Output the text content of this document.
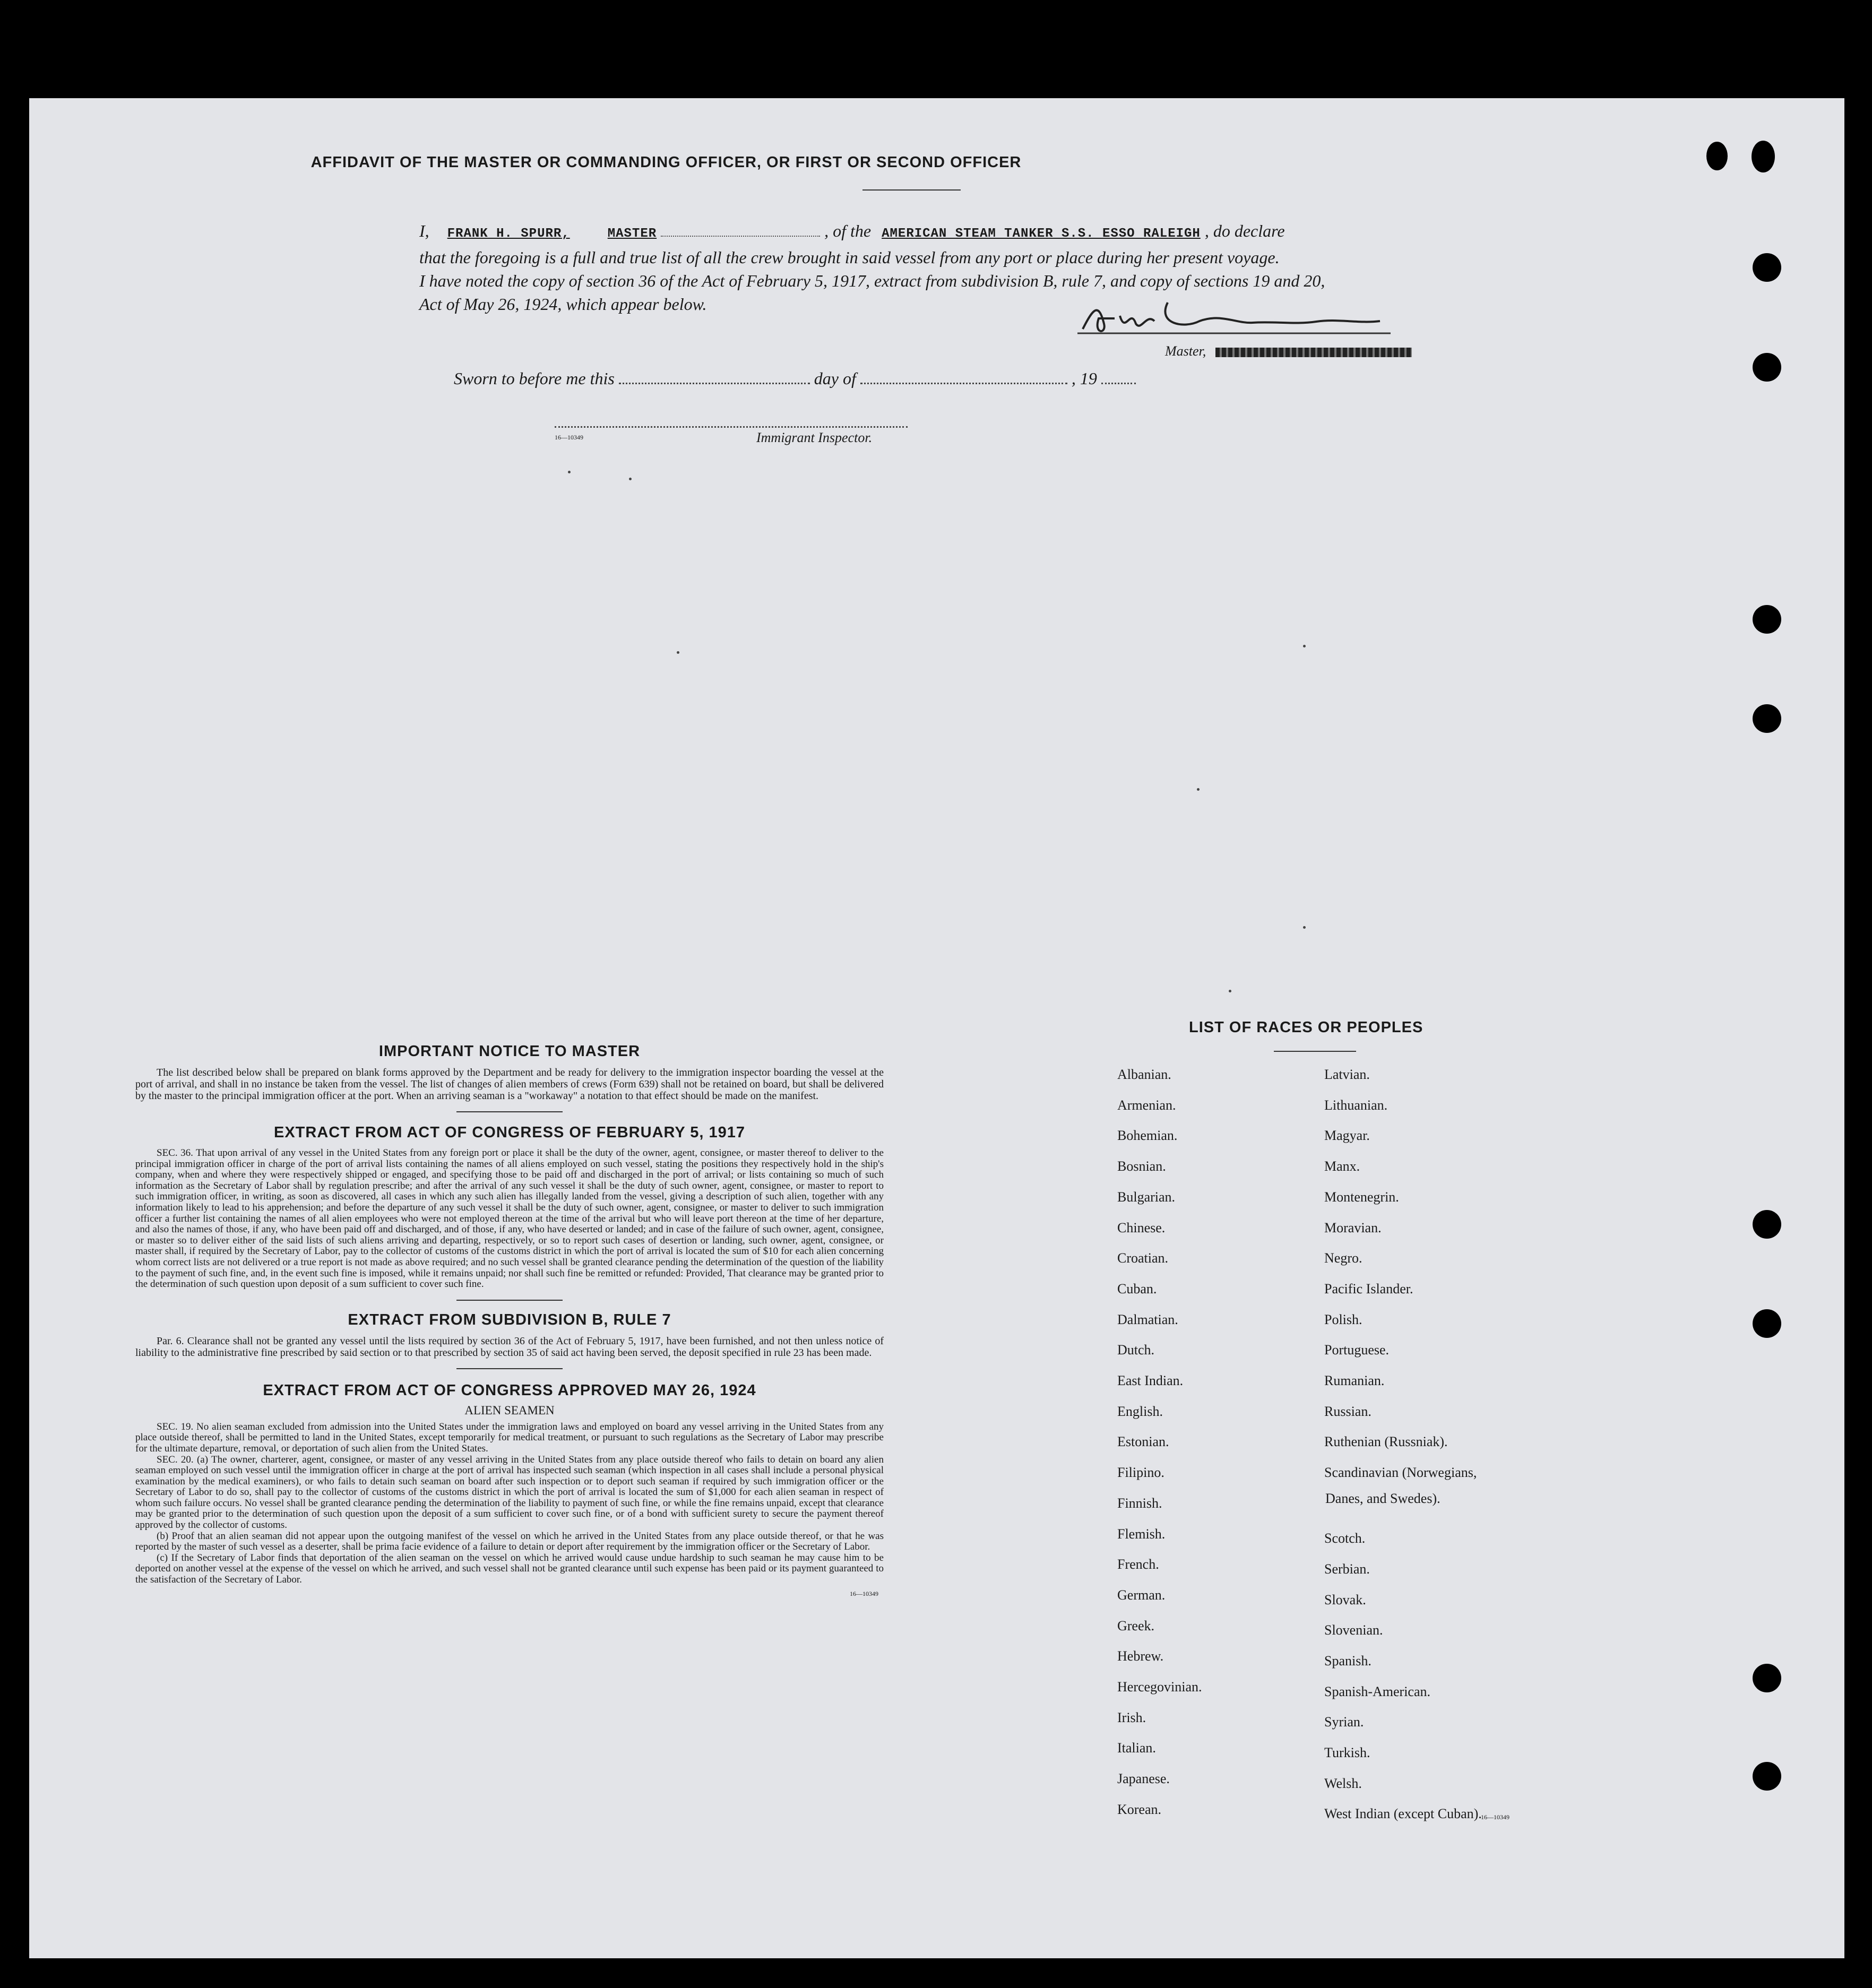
AFFIDAVIT OF THE MASTER OR COMMANDING OFFICER, OR FIRST OR SECOND OFFICER
I, FRANK H. SPURR,	MASTER	, of the AMERICAN STEAM TANKER S.S. ESSO RALEIGH , do declare
that the foregoing is a full and true list of all the crew brought in said vessel from any port or place during her present voyage.
I have noted the copy of section 36 of the Act of February 5, 1917, extract from subdivision B, rule 7, and copy of sections 19 and 20,
Act of May 26, 1924, which appear below.
Master,
Sworn to before me this	day of	, 19
16—10349	Immigrant Inspector.
IMPORTANT NOTICE TO MASTER
The list described below shall be prepared on blank forms approved by the Department and be ready for delivery to the immigration inspector boarding the vessel at the port of arrival, and shall in no instance be taken from the vessel. The list of changes of alien members of crews (Form 639) shall not be retained on board, but shall be delivered by the master to the principal immigration officer at the port. When an arriving seaman is a "workaway" a notation to that effect should be made on the manifest.
EXTRACT FROM ACT OF CONGRESS OF FEBRUARY 5, 1917
SEC. 36. That upon arrival of any vessel in the United States from any foreign port or place it shall be the duty of the owner, agent, consignee, or master thereof to deliver to the principal immigration officer in charge of the port of arrival lists containing the names of all aliens employed on such vessel, stating the positions they respectively hold in the ship's company, when and where they were respectively shipped or engaged, and specifying those to be paid off and discharged in the port of arrival; or lists containing so much of such information as the Secretary of Labor shall by regulation prescribe; and after the arrival of any such vessel it shall be the duty of such owner, agent, consignee, or master to report to such immigration officer, in writing, as soon as discovered, all cases in which any such alien has illegally landed from the vessel, giving a description of such alien, together with any information likely to lead to his apprehension; and before the departure of any such vessel it shall be the duty of such owner, agent, consignee, or master to deliver to such immigration officer a further list containing the names of all alien employees who were not employed thereon at the time of the arrival but who will leave port thereon at the time of her departure, and also the names of those, if any, who have been paid off and discharged, and of those, if any, who have deserted or landed; and in case of the failure of such owner, agent, consignee, or master so to deliver either of the said lists of such aliens arriving and departing, respectively, or so to report such cases of desertion or landing, such owner, agent, consignee, or master shall, if required by the Secretary of Labor, pay to the collector of customs of the customs district in which the port of arrival is located the sum of $10 for each alien concerning whom correct lists are not delivered or a true report is not made as above required; and no such vessel shall be granted clearance pending the determination of the question of the liability to the payment of such fine, and, in the event such fine is imposed, while it remains unpaid; nor shall such fine be remitted or refunded: Provided, That clearance may be granted prior to the determination of such question upon deposit of a sum sufficient to cover such fine.
EXTRACT FROM SUBDIVISION B, RULE 7
Par. 6. Clearance shall not be granted any vessel until the lists required by section 36 of the Act of February 5, 1917, have been furnished, and not then unless notice of liability to the administrative fine prescribed by said section or to that prescribed by section 35 of said act having been served, the deposit specified in rule 23 has been made.
EXTRACT FROM ACT OF CONGRESS APPROVED MAY 26, 1924
ALIEN SEAMEN
SEC. 19. No alien seaman excluded from admission into the United States under the immigration laws and employed on board any vessel arriving in the United States from any place outside thereof, shall be permitted to land in the United States, except temporarily for medical treatment, or pursuant to such regulations as the Secretary of Labor may prescribe for the ultimate departure, removal, or deportation of such alien from the United States.
SEC. 20. (a) The owner, charterer, agent, consignee, or master of any vessel arriving in the United States from any place outside thereof who fails to detain on board any alien seaman employed on such vessel until the immigration officer in charge at the port of arrival has inspected such seaman (which inspection in all cases shall include a personal physical examination by the medical examiners), or who fails to detain such seaman on board after such inspection or to deport such seaman if required by such immigration officer or the Secretary of Labor to do so, shall pay to the collector of customs of the customs district in which the port of arrival is located the sum of $1,000 for each alien seaman in respect of whom such failure occurs. No vessel shall be granted clearance pending the determination of the liability to payment of such fine, or while the fine remains unpaid, except that clearance may be granted prior to the determination of such question upon the deposit of a sum sufficient to cover such fine, or of a bond with sufficient surety to secure the payment thereof approved by the collector of customs.
(b) Proof that an alien seaman did not appear upon the outgoing manifest of the vessel on which he arrived in the United States from any place outside thereof, or that he was reported by the master of such vessel as a deserter, shall be prima facie evidence of a failure to detain or deport after requirement by the immigration officer or the Secretary of Labor.
(c) If the Secretary of Labor finds that deportation of the alien seaman on the vessel on which he arrived would cause undue hardship to such seaman he may cause him to be deported on another vessel at the expense of the vessel on which he arrived, and such vessel shall not be granted clearance until such expense has been paid or its payment guaranteed to the satisfaction of the Secretary of Labor.
16—10349
LIST OF RACES OR PEOPLES
Danes, and Swedes).
16—10349
Albanian.
Armenian.
Bohemian.
Bosnian.
Bulgarian.
Chinese.
Croatian.
Cuban.
Dalmatian.
Dutch.
East Indian.
English.
Estonian.
Filipino.
Finnish.
Flemish.
French.
German.
Greek.
Hebrew.
Hercegovinian.
Irish.
Italian.
Japanese.
Korean.
Latvian.
Lithuanian.
Magyar.
Manx.
Montenegrin.
Moravian.
Negro.
Pacific Islander.
Polish.
Portuguese.
Rumanian.
Russian.
Ruthenian (Russniak).
Scandinavian (Norwegians,
Scotch.
Serbian.
Slovak.
Slovenian.
Spanish.
Spanish-American.
Syrian.
Turkish.
Welsh.
West Indian (except Cuban).
